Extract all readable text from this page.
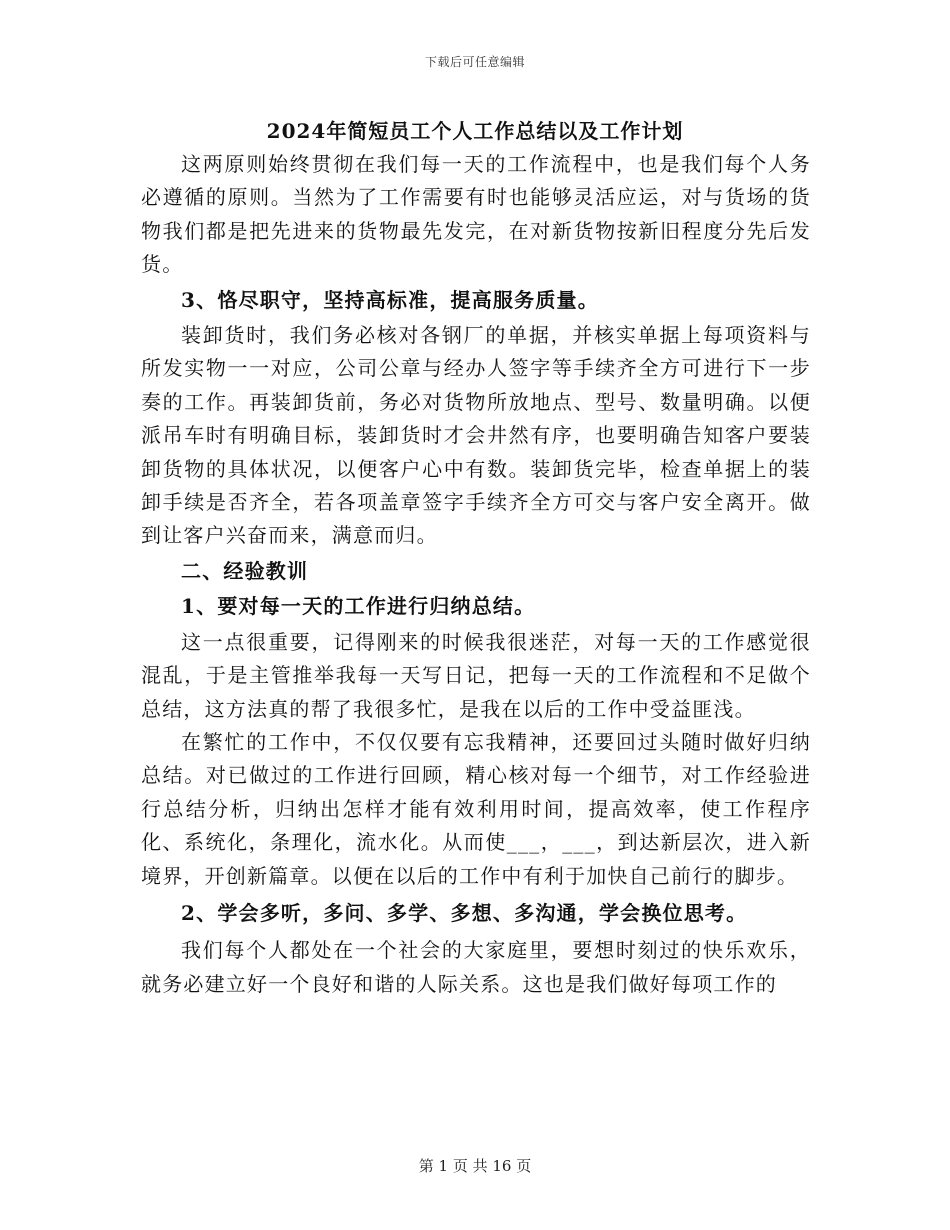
下载后可任意编辑
2024年简短员工个人工作总结以及工作计划

这两原则始终贯彻在我们每一天的工作流程中，也是我们每个人务必遵循的原则。当然为了工作需要有时也能够灵活应运，对与货场的货物我们都是把先进来的货物最先发完，在对新货物按新旧程度分先后发货。

3、恪尽职守，坚持高标准，提高服务质量。

装卸货时，我们务必核对各钢厂的单据，并核实单据上每项资料与所发实物一一对应，公司公章与经办人签字等手续齐全方可进行下一步奏的工作。再装卸货前，务必对货物所放地点、型号、数量明确。以便派吊车时有明确目标，装卸货时才会井然有序，也要明确告知客户要装卸货物的具体状况，以便客户心中有数。装卸货完毕，检查单据上的装卸手续是否齐全，若各项盖章签字手续齐全方可交与客户安全离开。做到让客户兴奋而来，满意而归。

二、经验教训

1、要对每一天的工作进行归纳总结。

这一点很重要，记得刚来的时候我很迷茫，对每一天的工作感觉很混乱，于是主管推举我每一天写日记，把每一天的工作流程和不足做个总结，这方法真的帮了我很多忙，是我在以后的工作中受益匪浅。

在繁忙的工作中，不仅仅要有忘我精神，还要回过头随时做好归纳总结。对已做过的工作进行回顾，精心核对每一个细节，对工作经验进行总结分析，归纳出怎样才能有效利用时间，提高效率，使工作程序化、系统化，条理化，流水化。从而使___，___，到达新层次，进入新境界，开创新篇章。以便在以后的工作中有利于加快自己前行的脚步。

2、学会多听，多问、多学、多想、多沟通，学会换位思考。

我们每个人都处在一个社会的大家庭里，要想时刻过的快乐欢乐，就务必建立好一个良好和谐的人际关系。这也是我们做好每项工作的

第 1 页 共 16 页
